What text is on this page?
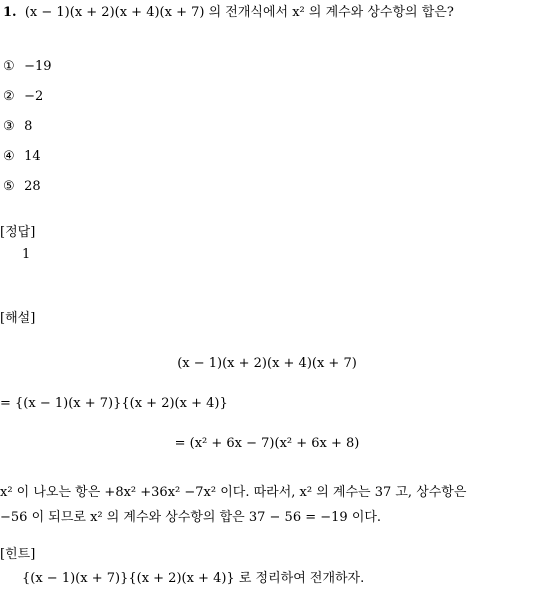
1. (x − 1)(x + 2)(x + 4)(x + 7) 의 전개식에서 x² 의 계수와 상수항의 합은?
① −19
② −2
③ 8
④ 14
⑤ 28
[정답]
1
[해설]
(x − 1)(x + 2)(x + 4)(x + 7)
= {(x − 1)(x + 7)}{(x + 2)(x + 4)}
= (x² + 6x − 7)(x² + 6x + 8)
x² 이 나오는 항은 +8x² +36x² −7x² 이다. 따라서, x² 의 계수는 37 고, 상수항은
−56 이 되므로 x² 의 계수와 상수항의 합은 37 − 56 = −19 이다.
[힌트]
{(x − 1)(x + 7)}{(x + 2)(x + 4)} 로 정리하여 전개하자.
